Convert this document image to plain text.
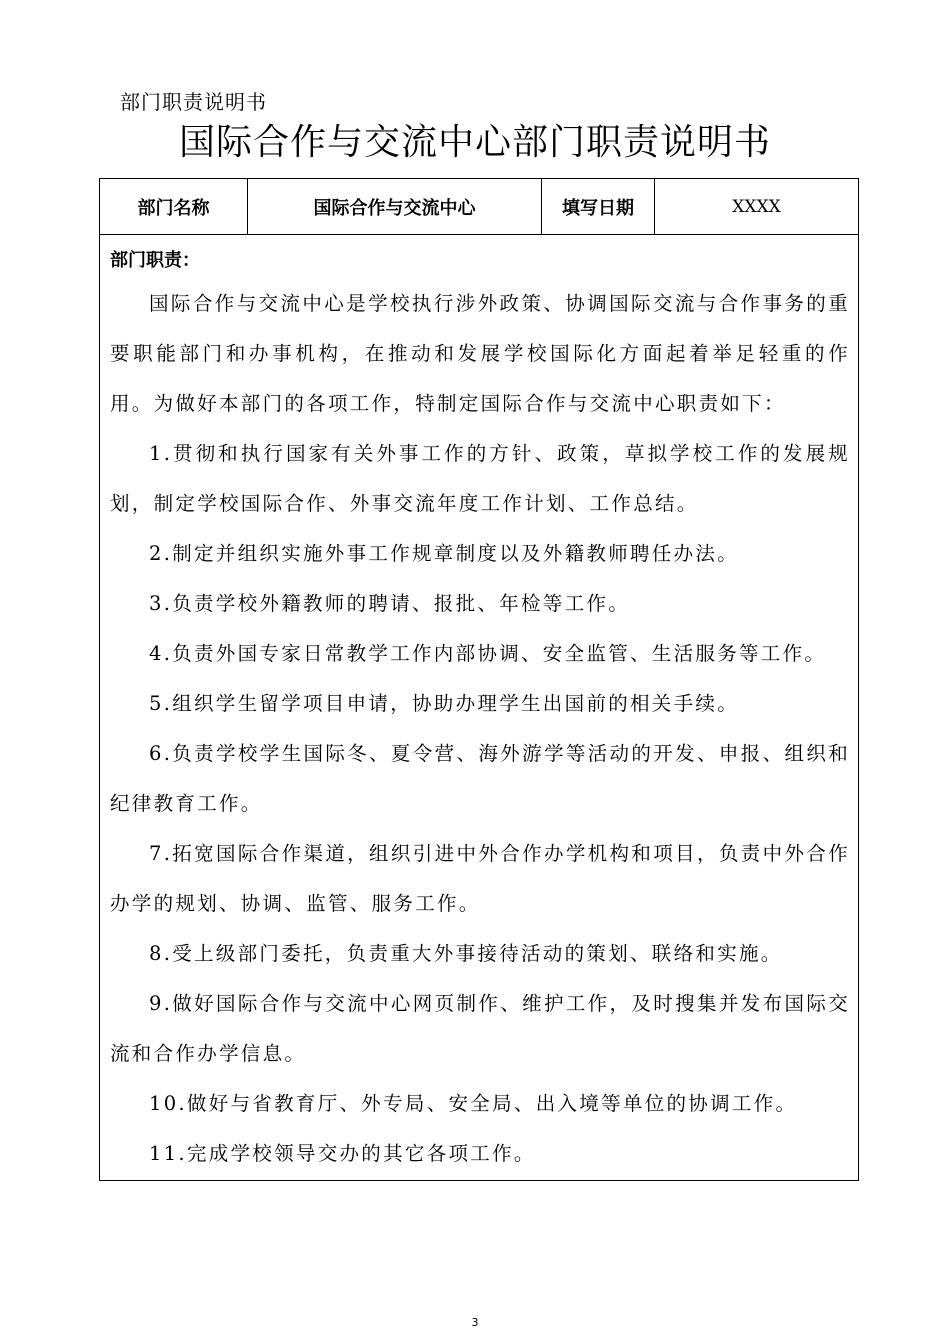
部门职责说明书
国际合作与交流中心部门职责说明书
部门名称	国际合作与交流中心	填写日期	XXXX
部门职责：

国际合作与交流中心是学校执行涉外政策、协调国际交流与合作事务的重要职能部门和办事机构，在推动和发展学校国际化方面起着举足轻重的作用。为做好本部门的各项工作，特制定国际合作与交流中心职责如下：

1.贯彻和执行国家有关外事工作的方针、政策，草拟学校工作的发展规划，制定学校国际合作、外事交流年度工作计划、工作总结。

2.制定并组织实施外事工作规章制度以及外籍教师聘任办法。

3.负责学校外籍教师的聘请、报批、年检等工作。

4.负责外国专家日常教学工作内部协调、安全监管、生活服务等工作。

5.组织学生留学项目申请，协助办理学生出国前的相关手续。

6.负责学校学生国际冬、夏令营、海外游学等活动的开发、申报、组织和纪律教育工作。

7.拓宽国际合作渠道，组织引进中外合作办学机构和项目，负责中外合作办学的规划、协调、监管、服务工作。

8.受上级部门委托，负责重大外事接待活动的策划、联络和实施。

9.做好国际合作与交流中心网页制作、维护工作，及时搜集并发布国际交流和合作办学信息。

10.做好与省教育厅、外专局、安全局、出入境等单位的协调工作。

11.完成学校领导交办的其它各项工作。

3
